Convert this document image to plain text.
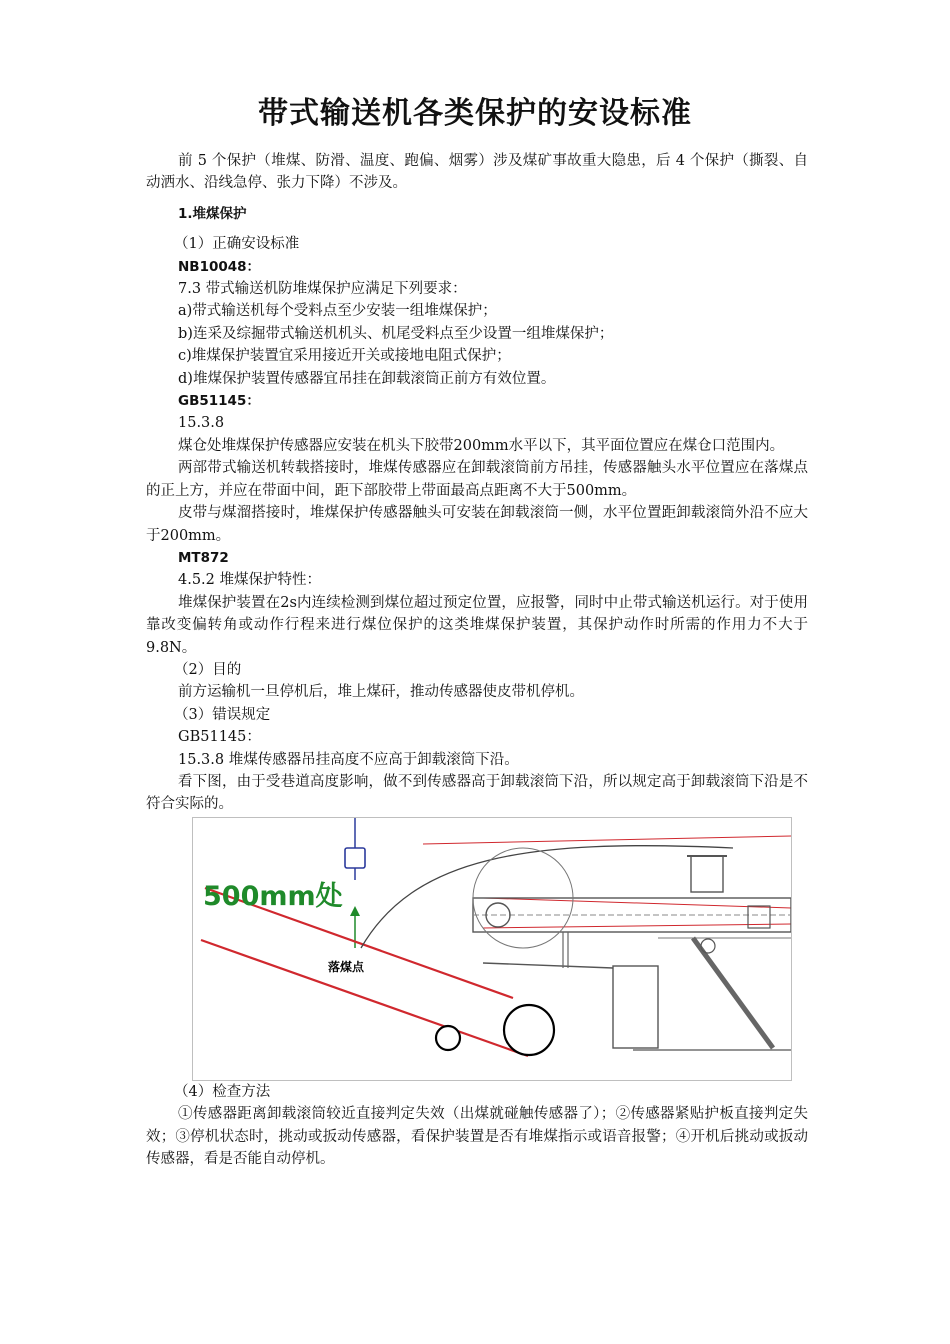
带式输送机各类保护的安设标准

前 5 个保护（堆煤、防滑、温度、跑偏、烟雾）涉及煤矿事故重大隐患，后 4 个保护（撕裂、自动洒水、沿线急停、张力下降）不涉及。

1.堆煤保护

（1）正确安设标准

NB10048：

7.3 带式输送机防堆煤保护应满足下列要求：

a)带式输送机每个受料点至少安装一组堆煤保护；

b)连采及综掘带式输送机机头、机尾受料点至少设置一组堆煤保护；

c)堆煤保护装置宜采用接近开关或接地电阻式保护；

d)堆煤保护装置传感器宜吊挂在卸载滚筒正前方有效位置。

GB51145：

15.3.8

煤仓处堆煤保护传感器应安装在机头下胶带200mm水平以下，其平面位置应在煤仓口范围内。

两部带式输送机转载搭接时，堆煤传感器应在卸载滚筒前方吊挂，传感器触头水平位置应在落煤点的正上方，并应在带面中间，距下部胶带上带面最高点距离不大于500mm。

皮带与煤溜搭接时，堆煤保护传感器触头可安装在卸载滚筒一侧，水平位置距卸载滚筒外沿不应大于200mm。

MT872

4.5.2 堆煤保护特性：

堆煤保护装置在2s内连续检测到煤位超过预定位置，应报警，同时中止带式输送机运行。对于使用靠改变偏转角或动作行程来进行煤位保护的这类堆煤保护装置，其保护动作时所需的作用力不大于9.8N。

（2）目的

前方运输机一旦停机后，堆上煤矸，推动传感器使皮带机停机。

（3）错误规定

GB51145：

15.3.8 堆煤传感器吊挂高度不应高于卸载滚筒下沿。

看下图，由于受巷道高度影响，做不到传感器高于卸载滚筒下沿，所以规定高于卸载滚筒下沿是不符合实际的。

500mm处
落煤点

（4）检查方法

①传感器距离卸载滚筒较近直接判定失效（出煤就碰触传感器了）；②传感器紧贴护板直接判定失效；③停机状态时，挑动或扳动传感器，看保护装置是否有堆煤指示或语音报警；④开机后挑动或扳动传感器，看是否能自动停机。
